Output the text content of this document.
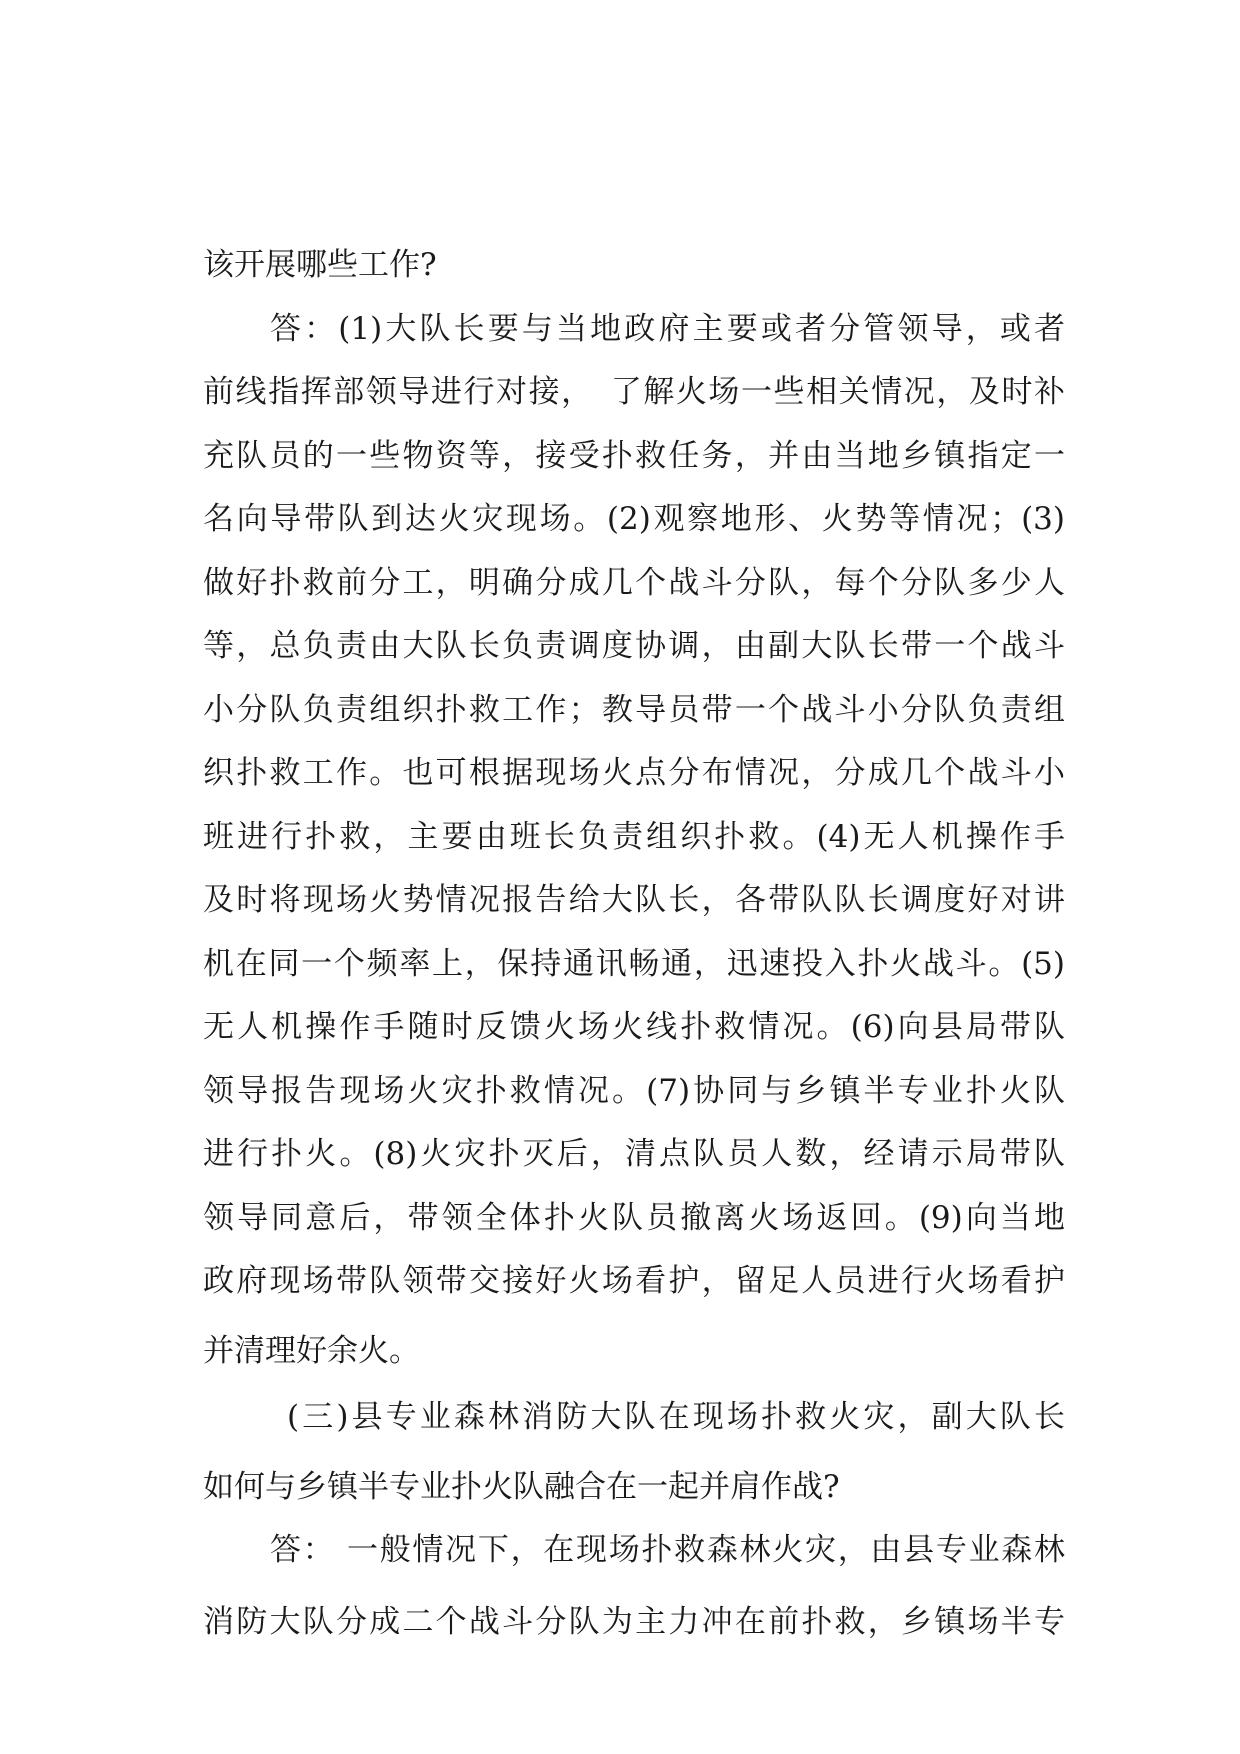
该开展哪些工作?
答：(1)大队长要与当地政府主要或者分管领导，或者
前线指挥部领导进行对接，　了解火场一些相关情况，及时补
充队员的一些物资等，接受扑救任务，并由当地乡镇指定一
名向导带队到达火灾现场。(2)观察地形、火势等情况；(3)
做好扑救前分工，明确分成几个战斗分队，每个分队多少人
等，总负责由大队长负责调度协调，由副大队长带一个战斗
小分队负责组织扑救工作；教导员带一个战斗小分队负责组
织扑救工作。也可根据现场火点分布情况，分成几个战斗小
班进行扑救，主要由班长负责组织扑救。(4)无人机操作手
及时将现场火势情况报告给大队长，各带队队长调度好对讲
机在同一个频率上，保持通讯畅通，迅速投入扑火战斗。(5)
无人机操作手随时反馈火场火线扑救情况。(6)向县局带队
领导报告现场火灾扑救情况。(7)协同与乡镇半专业扑火队
进行扑火。(8)火灾扑灭后，清点队员人数，经请示局带队
领导同意后，带领全体扑火队员撤离火场返回。(9)向当地
政府现场带队领带交接好火场看护，留足人员进行火场看护
并清理好余火。
(三)县专业森林消防大队在现场扑救火灾，副大队长
如何与乡镇半专业扑火队融合在一起并肩作战?
答： 一般情况下，在现场扑救森林火灾，由县专业森林
消防大队分成二个战斗分队为主力冲在前扑救，乡镇场半专
